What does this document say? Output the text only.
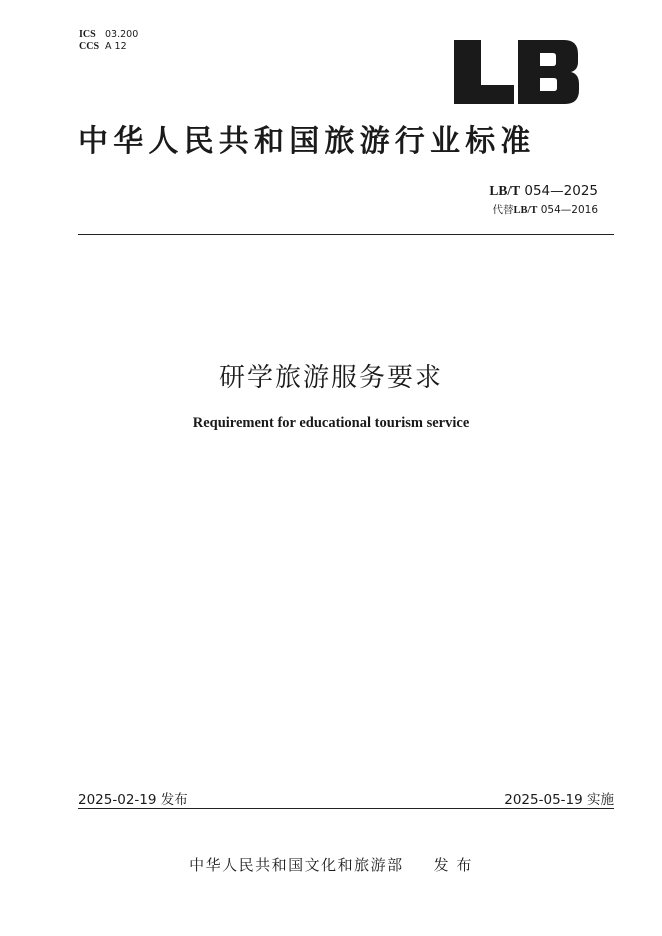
ICS 03.200
CCS A 12
中华人民共和国旅游行业标准
LB/T 054—2025
代替LB/T 054—2016
研学旅游服务要求
Requirement for educational tourism service
2025-02-19 发布	2025-05-19 实施
中华人民共和国文化和旅游部 发 布
